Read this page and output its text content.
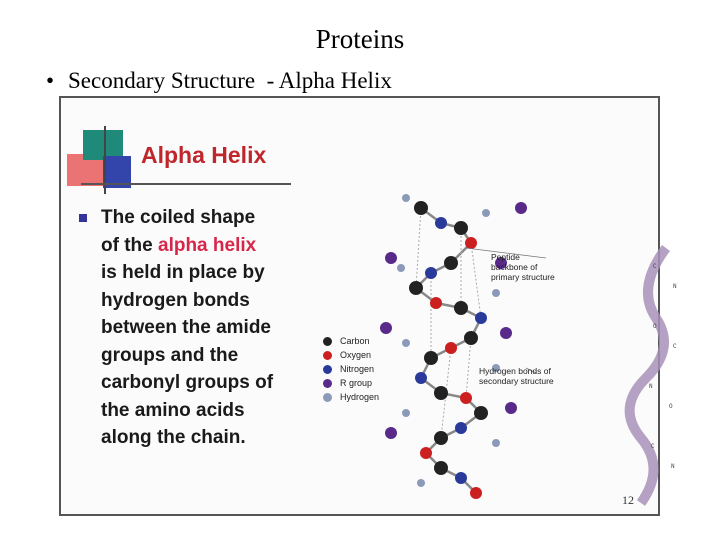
Proteins
• Secondary Structure  - Alpha Helix
Alpha Helix
The coiled shape
of the alpha helix
is held in place by
hydrogen bonds
between the amide
groups and the
carbonyl groups of
the amino acids
along the chain.
C
N
O
C
N
O
C
N
Peptide
backbone of
primary structure
Hydrogen bonds of
secondary structure
Carbon
Oxygen
Nitrogen
R group
Hydrogen
12
